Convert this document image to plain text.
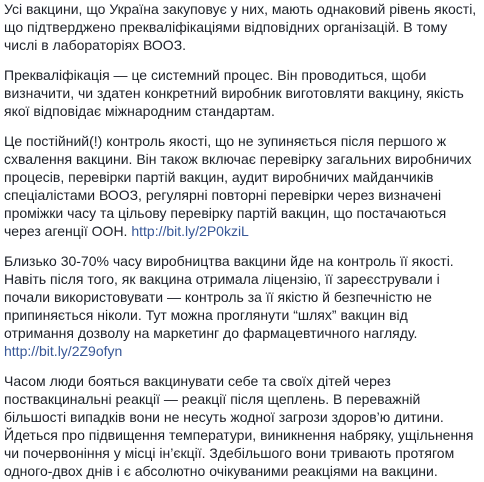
Усі вакцини, що Україна закуповує у них, мають однаковий рівень якості,
що підтверджено прекваліфікаціями відповідних організацій. В тому
числі в лабораторіях ВООЗ.

Прекваліфікація — це системний процес. Він проводиться, щоби
визначити, чи здатен конкретний виробник виготовляти вакцину, якість
якої відповідає міжнародним стандартам.

Це постійний(!) контроль якості, що не зупиняється після першого ж
схвалення вакцини. Він також включає перевірку загальних виробничих
процесів, перевірки партій вакцин, аудит виробничих майданчиків
спеціалістами ВООЗ, регулярні повторні перевірки через визначені
проміжки часу та цільову перевірку партій вакцин, що постачаються
через агенції ООН. http://bit.ly/2P0kziL

Близько 30-70% часу виробництва вакцини йде на контроль її якості.
Навіть після того, як вакцина отримала ліцензію, її зареєстрували і
почали використовувати — контроль за її якістю й безпечністю не
припиняється ніколи. Тут можна проглянути “шлях” вакцин від
отримання дозволу на маркетинг до фармацевтичного нагляду.
http://bit.ly/2Z9ofyn

Часом люди бояться вакцинувати себе та своїх дітей через
поствакцинальні реакції — реакції після щеплень. В переважній
більшості випадків вони не несуть жодної загрози здоров’ю дитини.
Йдеться про підвищення температури, виникнення набряку, ущільнення
чи почервоніння у місці ін’єкції. Здебільшого вони тривають протягом
одного-двох днів і є абсолютно очікуваними реакціями на вакцини.
